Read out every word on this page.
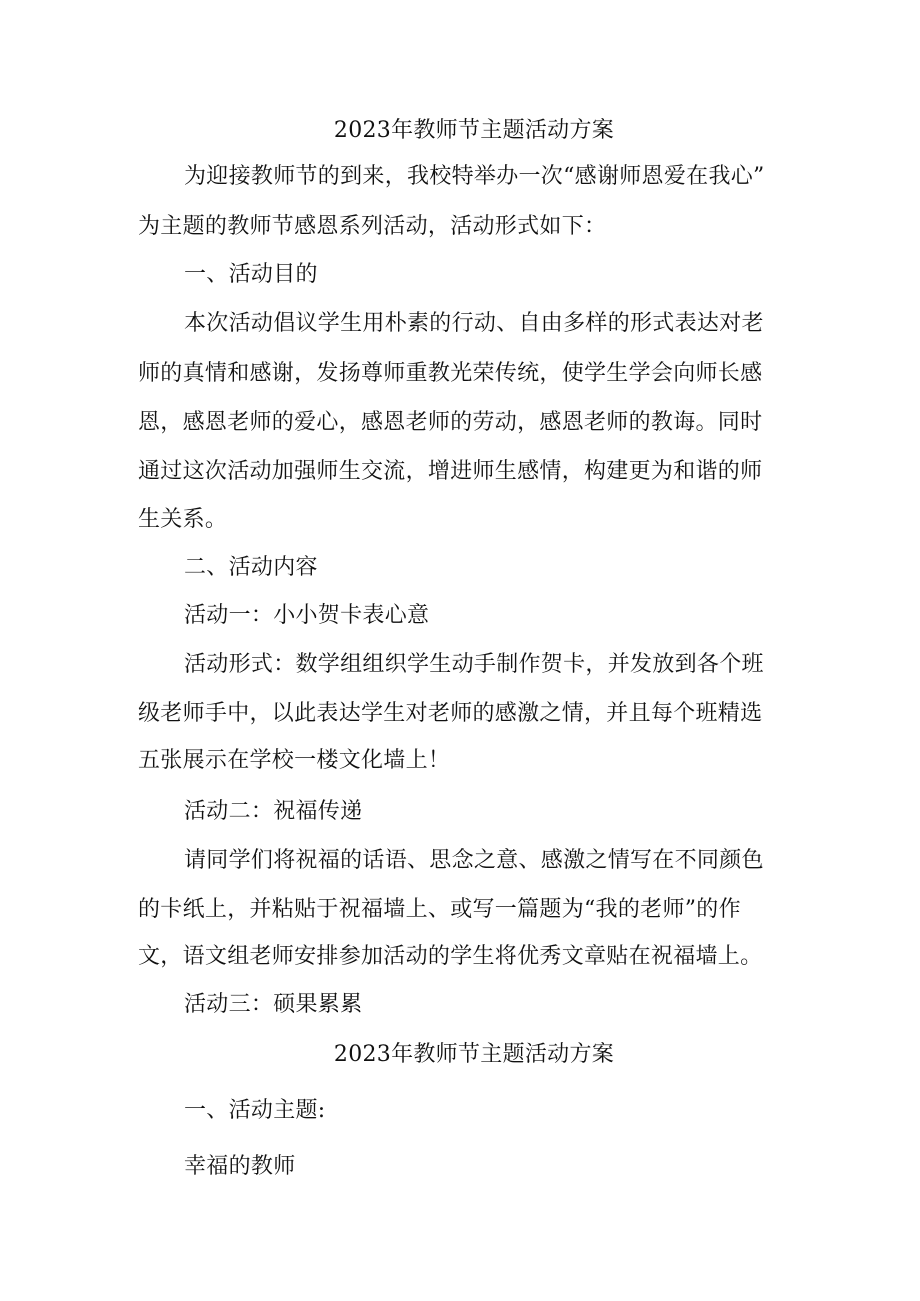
2023年教师节主题活动方案
为迎接教师节的到来，我校特举办一次“感谢师恩爱在我心”
为主题的教师节感恩系列活动，活动形式如下：
一、活动目的
本次活动倡议学生用朴素的行动、自由多样的形式表达对老
师的真情和感谢，发扬尊师重教光荣传统，使学生学会向师长感
恩，感恩老师的爱心，感恩老师的劳动，感恩老师的教诲。同时
通过这次活动加强师生交流，增进师生感情，构建更为和谐的师
生关系。
二、活动内容
活动一：小小贺卡表心意
活动形式：数学组组织学生动手制作贺卡，并发放到各个班
级老师手中，以此表达学生对老师的感激之情，并且每个班精选
五张展示在学校一楼文化墙上！
活动二：祝福传递
请同学们将祝福的话语、思念之意、感激之情写在不同颜色
的卡纸上，并粘贴于祝福墙上、或写一篇题为“我的老师”的作
文，语文组老师安排参加活动的学生将优秀文章贴在祝福墙上。
活动三：硕果累累
2023年教师节主题活动方案
一、活动主题:
幸福的教师
